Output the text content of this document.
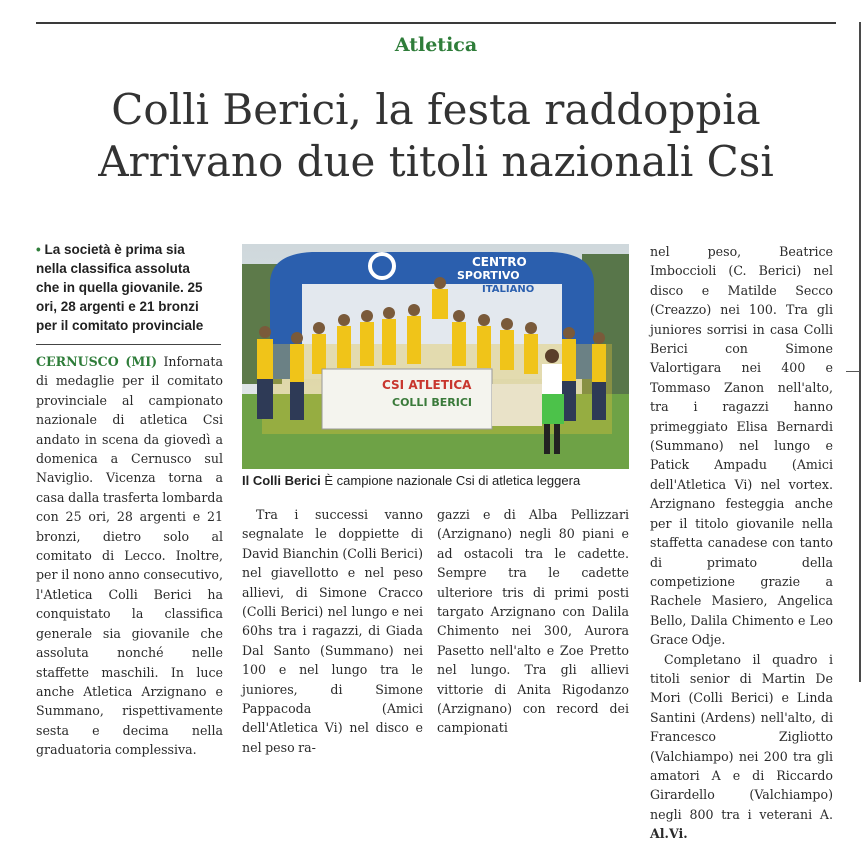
Atletica
Colli Berici, la festa raddoppia
Arrivano due titoli nazionali Csi
• La società è prima sia nella classifica assoluta che in quella giovanile. 25 ori, 28 argenti e 21 bronzi per il comitato provinciale

CERNUSCO (MI) Infornata di medaglie per il comitato provinciale al campionato nazionale di atletica Csi andato in scena da giovedì a domenica a Cernusco sul Naviglio. Vicenza torna a casa dalla trasferta lombarda con 25 ori, 28 argenti e 21 bronzi, dietro solo al comitato di Lecco. Inoltre, per il nono anno consecutivo, l'Atletica Colli Berici ha conquistato la classifica generale sia giovanile che assoluta nonché nelle staffette maschili. In luce anche Atletica Arzignano e Summano, rispettivamente sesta e decima nella graduatoria complessiva.

CENTRO
SPORTIVO
ITALIANO
CSI ATLETICA
COLLI BERICI
Il Colli Berici È campione nazionale Csi di atletica leggera

Tra i successi vanno segnalate le doppiette di David Bianchin (Colli Berici) nel giavellotto e nel peso allievi, di Simone Cracco (Colli Berici) nel lungo e nei 60hs tra i ragazzi, di Giada Dal Santo (Summano) nei 100 e nel lungo tra le juniores, di Simone Pappacoda (Amici dell'Atletica Vi) nel disco e nel peso ra-

gazzi e di Alba Pellizzari (Arzignano) negli 80 piani e ad ostacoli tra le cadette. Sempre tra le cadette ulteriore tris di primi posti targato Arzignano con Dalila Chimento nei 300, Aurora Pasetto nell'alto e Zoe Pretto nel lungo. Tra gli allievi vittorie di Anita Rigodanzo (Arzignano) con record dei campionati

nel peso, Beatrice Imboccioli (C. Berici) nel disco e Matilde Secco (Creazzo) nei 100. Tra gli juniores sorrisi in casa Colli Berici con Simone Valortigara nei 400 e Tommaso Zanon nell'alto, tra i ragazzi hanno primeggiato Elisa Bernardi (Summano) nel lungo e Patick Ampadu (Amici dell'Atletica Vi) nel vortex. Arzignano festeggia anche per il titolo giovanile nella staffetta canadese con tanto di primato della competizione grazie a Rachele Masiero, Angelica Bello, Dalila Chimento e Leo Grace Odje.

Completano il quadro i titoli senior di Martin De Mori (Colli Berici) e Linda Santini (Ardens) nell'alto, di Francesco Zigliotto (Valchiampo) nei 200 tra gli amatori A e di Riccardo Girardello (Valchiampo) negli 800 tra i veterani A. Al.Vi.
